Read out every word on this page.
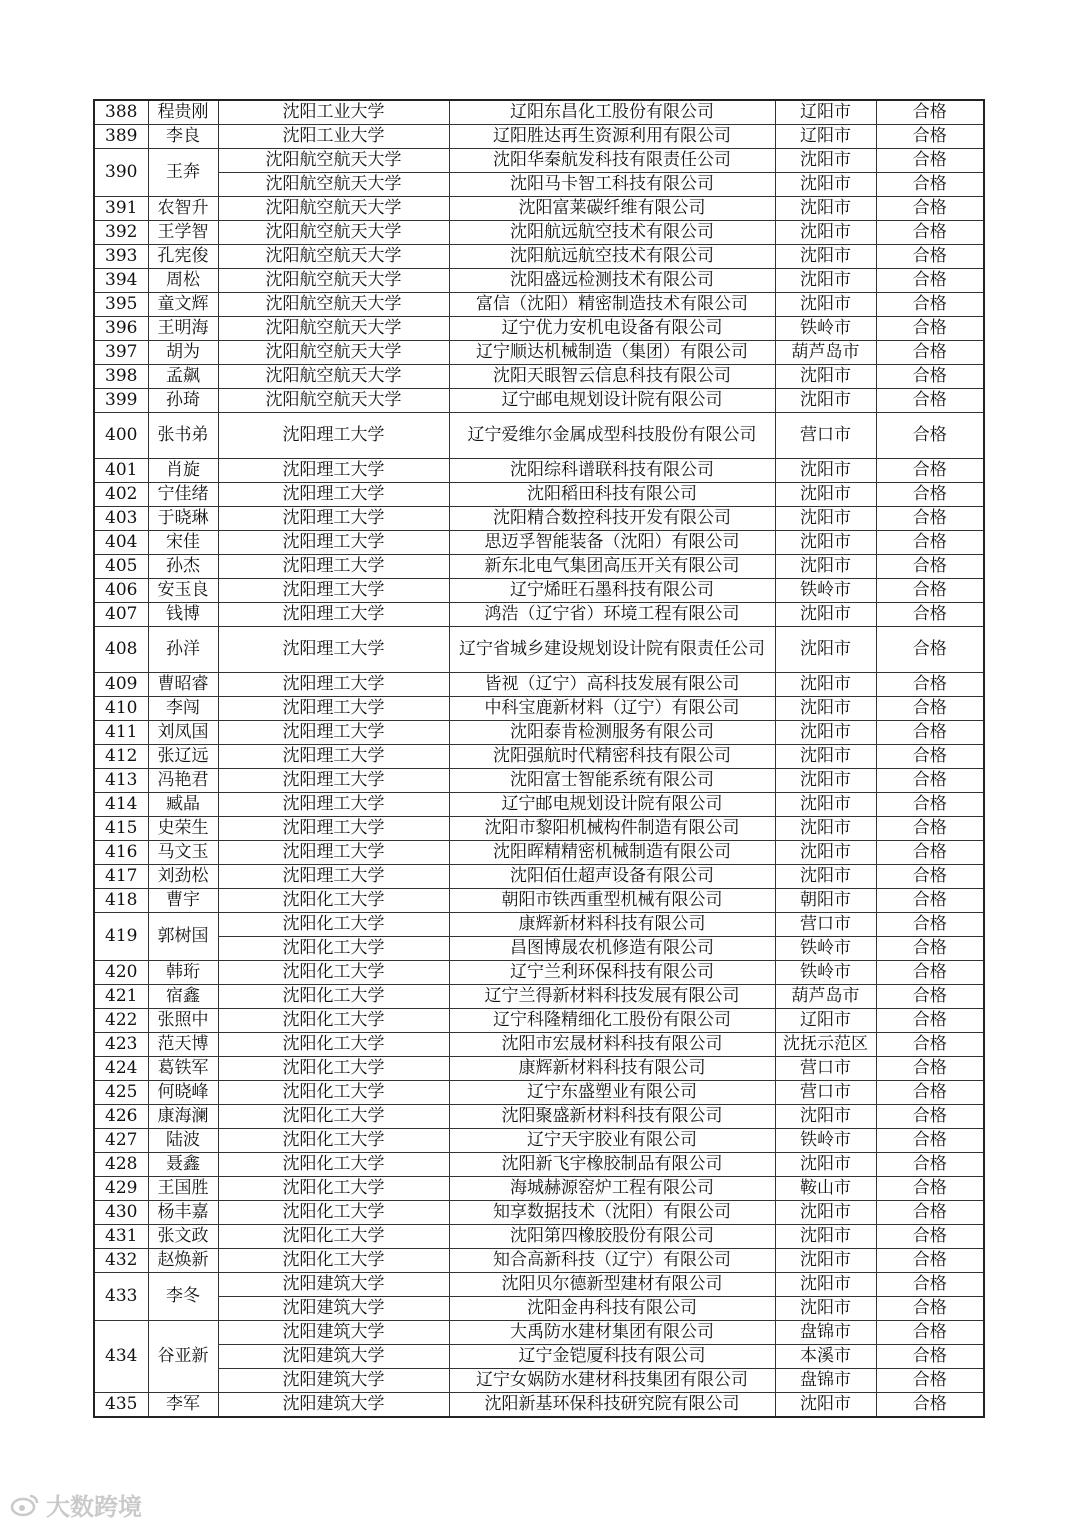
388	程贵刚	沈阳工业大学	辽阳东昌化工股份有限公司	辽阳市	合格
389	李良	沈阳工业大学	辽阳胜达再生资源利用有限公司	辽阳市	合格
390	王奔	沈阳航空航天大学	沈阳华秦航发科技有限责任公司	沈阳市	合格
		沈阳航空航天大学	沈阳马卡智工科技有限公司	沈阳市	合格
391	农智升	沈阳航空航天大学	沈阳富莱碳纤维有限公司	沈阳市	合格
392	王学智	沈阳航空航天大学	沈阳航远航空技术有限公司	沈阳市	合格
393	孔宪俊	沈阳航空航天大学	沈阳航远航空技术有限公司	沈阳市	合格
394	周松	沈阳航空航天大学	沈阳盛远检测技术有限公司	沈阳市	合格
395	童文辉	沈阳航空航天大学	富信（沈阳）精密制造技术有限公司	沈阳市	合格
396	王明海	沈阳航空航天大学	辽宁优力安机电设备有限公司	铁岭市	合格
397	胡为	沈阳航空航天大学	辽宁顺达机械制造（集团）有限公司	葫芦岛市	合格
398	孟飙	沈阳航空航天大学	沈阳天眼智云信息科技有限公司	沈阳市	合格
399	孙琦	沈阳航空航天大学	辽宁邮电规划设计院有限公司	沈阳市	合格
400	张书弟	沈阳理工大学	辽宁爱维尔金属成型科技股份有限公司	营口市	合格
401	肖旋	沈阳理工大学	沈阳综科谱联科技有限公司	沈阳市	合格
402	宁佳绪	沈阳理工大学	沈阳稻田科技有限公司	沈阳市	合格
403	于晓琳	沈阳理工大学	沈阳精合数控科技开发有限公司	沈阳市	合格
404	宋佳	沈阳理工大学	思迈孚智能装备（沈阳）有限公司	沈阳市	合格
405	孙杰	沈阳理工大学	新东北电气集团高压开关有限公司	沈阳市	合格
406	安玉良	沈阳理工大学	辽宁烯旺石墨科技有限公司	铁岭市	合格
407	钱博	沈阳理工大学	鸿浩（辽宁省）环境工程有限公司	沈阳市	合格
408	孙洋	沈阳理工大学	辽宁省城乡建设规划设计院有限责任公司	沈阳市	合格
409	曹昭睿	沈阳理工大学	皆视（辽宁）高科技发展有限公司	沈阳市	合格
410	李闯	沈阳理工大学	中科宝鹿新材料（辽宁）有限公司	沈阳市	合格
411	刘凤国	沈阳理工大学	沈阳泰肯检测服务有限公司	沈阳市	合格
412	张辽远	沈阳理工大学	沈阳强航时代精密科技有限公司	沈阳市	合格
413	冯艳君	沈阳理工大学	沈阳富士智能系统有限公司	沈阳市	合格
414	臧晶	沈阳理工大学	辽宁邮电规划设计院有限公司	沈阳市	合格
415	史荣生	沈阳理工大学	沈阳市黎阳机械构件制造有限公司	沈阳市	合格
416	马文玉	沈阳理工大学	沈阳晖精精密机械制造有限公司	沈阳市	合格
417	刘劲松	沈阳理工大学	沈阳佰仕超声设备有限公司	沈阳市	合格
418	曹宇	沈阳化工大学	朝阳市铁西重型机械有限公司	朝阳市	合格
419	郭树国	沈阳化工大学	康辉新材料科技有限公司	营口市	合格
		沈阳化工大学	昌图博晟农机修造有限公司	铁岭市	合格
420	韩珩	沈阳化工大学	辽宁兰利环保科技有限公司	铁岭市	合格
421	宿鑫	沈阳化工大学	辽宁兰得新材料科技发展有限公司	葫芦岛市	合格
422	张照中	沈阳化工大学	辽宁科隆精细化工股份有限公司	辽阳市	合格
423	范天博	沈阳化工大学	沈阳市宏晟材料科技有限公司	沈抚示范区	合格
424	葛铁军	沈阳化工大学	康辉新材料科技有限公司	营口市	合格
425	何晓峰	沈阳化工大学	辽宁东盛塑业有限公司	营口市	合格
426	康海澜	沈阳化工大学	沈阳聚盛新材料科技有限公司	沈阳市	合格
427	陆波	沈阳化工大学	辽宁天宇胶业有限公司	铁岭市	合格
428	聂鑫	沈阳化工大学	沈阳新飞宇橡胶制品有限公司	沈阳市	合格
429	王国胜	沈阳化工大学	海城赫源窑炉工程有限公司	鞍山市	合格
430	杨丰嘉	沈阳化工大学	知享数据技术（沈阳）有限公司	沈阳市	合格
431	张文政	沈阳化工大学	沈阳第四橡胶股份有限公司	沈阳市	合格
432	赵焕新	沈阳化工大学	知合高新科技（辽宁）有限公司	沈阳市	合格
433	李冬	沈阳建筑大学	沈阳贝尔德新型建材有限公司	沈阳市	合格
		沈阳建筑大学	沈阳金冉科技有限公司	沈阳市	合格
434	谷亚新	沈阳建筑大学	大禹防水建材集团有限公司	盘锦市	合格
		沈阳建筑大学	辽宁金铠厦科技有限公司	本溪市	合格
		沈阳建筑大学	辽宁女娲防水建材科技集团有限公司	盘锦市	合格
435	李军	沈阳建筑大学	沈阳新基环保科技研究院有限公司	沈阳市	合格
大数跨境
